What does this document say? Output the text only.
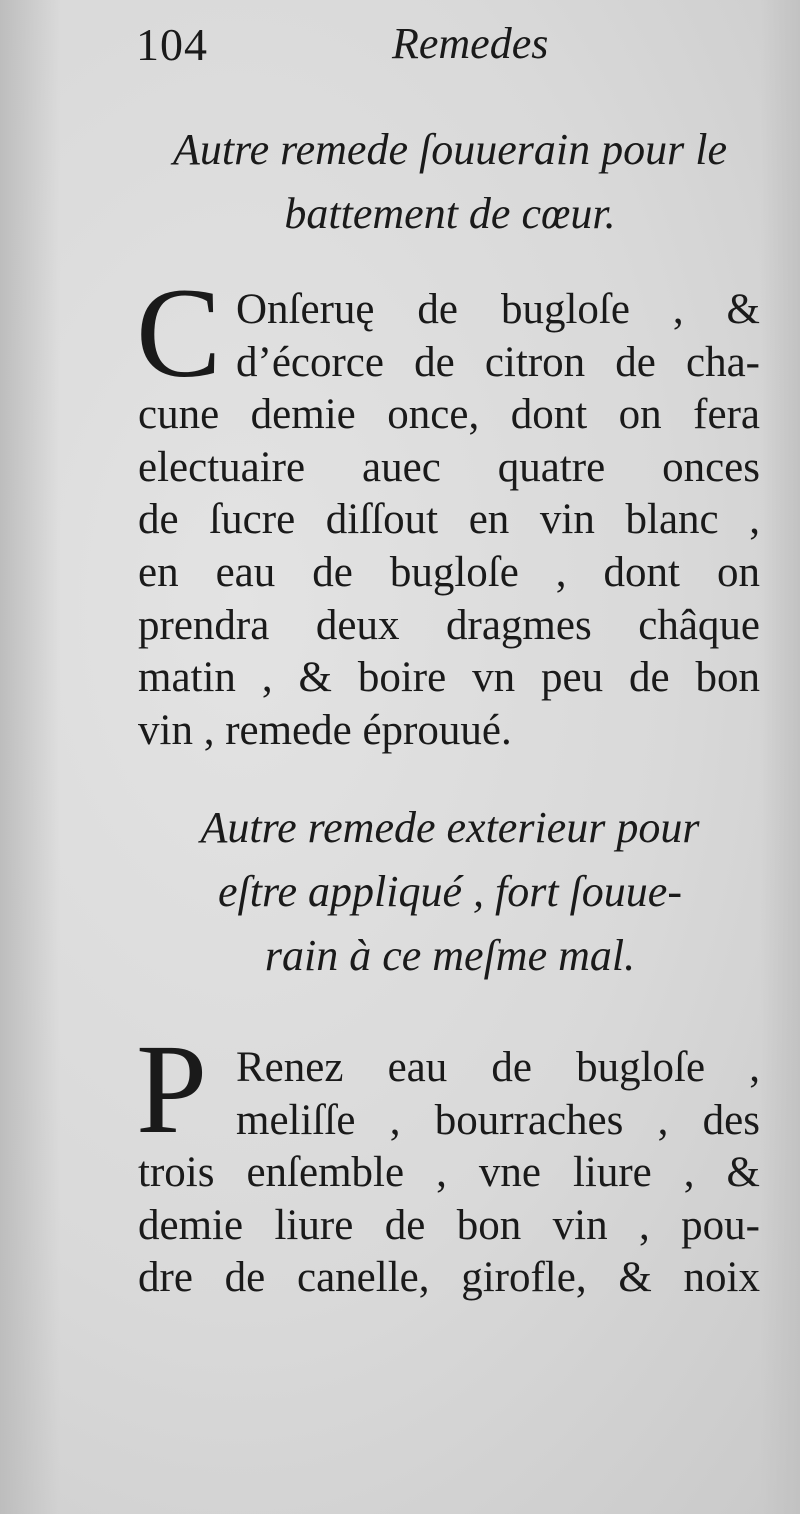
104	Remedes
Autre remede ſouuerain pour le
battement de cœur.
C Onſeruę de bugloſe , &
d’écorce de citron de cha-
cune demie once, dont on fera
electuaire auec quatre onces
de ſucre diſſout en vin blanc ,
en eau de bugloſe , dont on
prendra deux dragmes châque
matin , & boire vn peu de bon
vin , remede éprouué.
Autre remede exterieur pour
eſtre appliqué , fort ſouue-
rain à ce meſme mal.
P Renez eau de bugloſe ,
meliſſe , bourraches , des
trois enſemble , vne liure , &
demie liure de bon vin , pou-
dre de canelle, girofle, & noix
